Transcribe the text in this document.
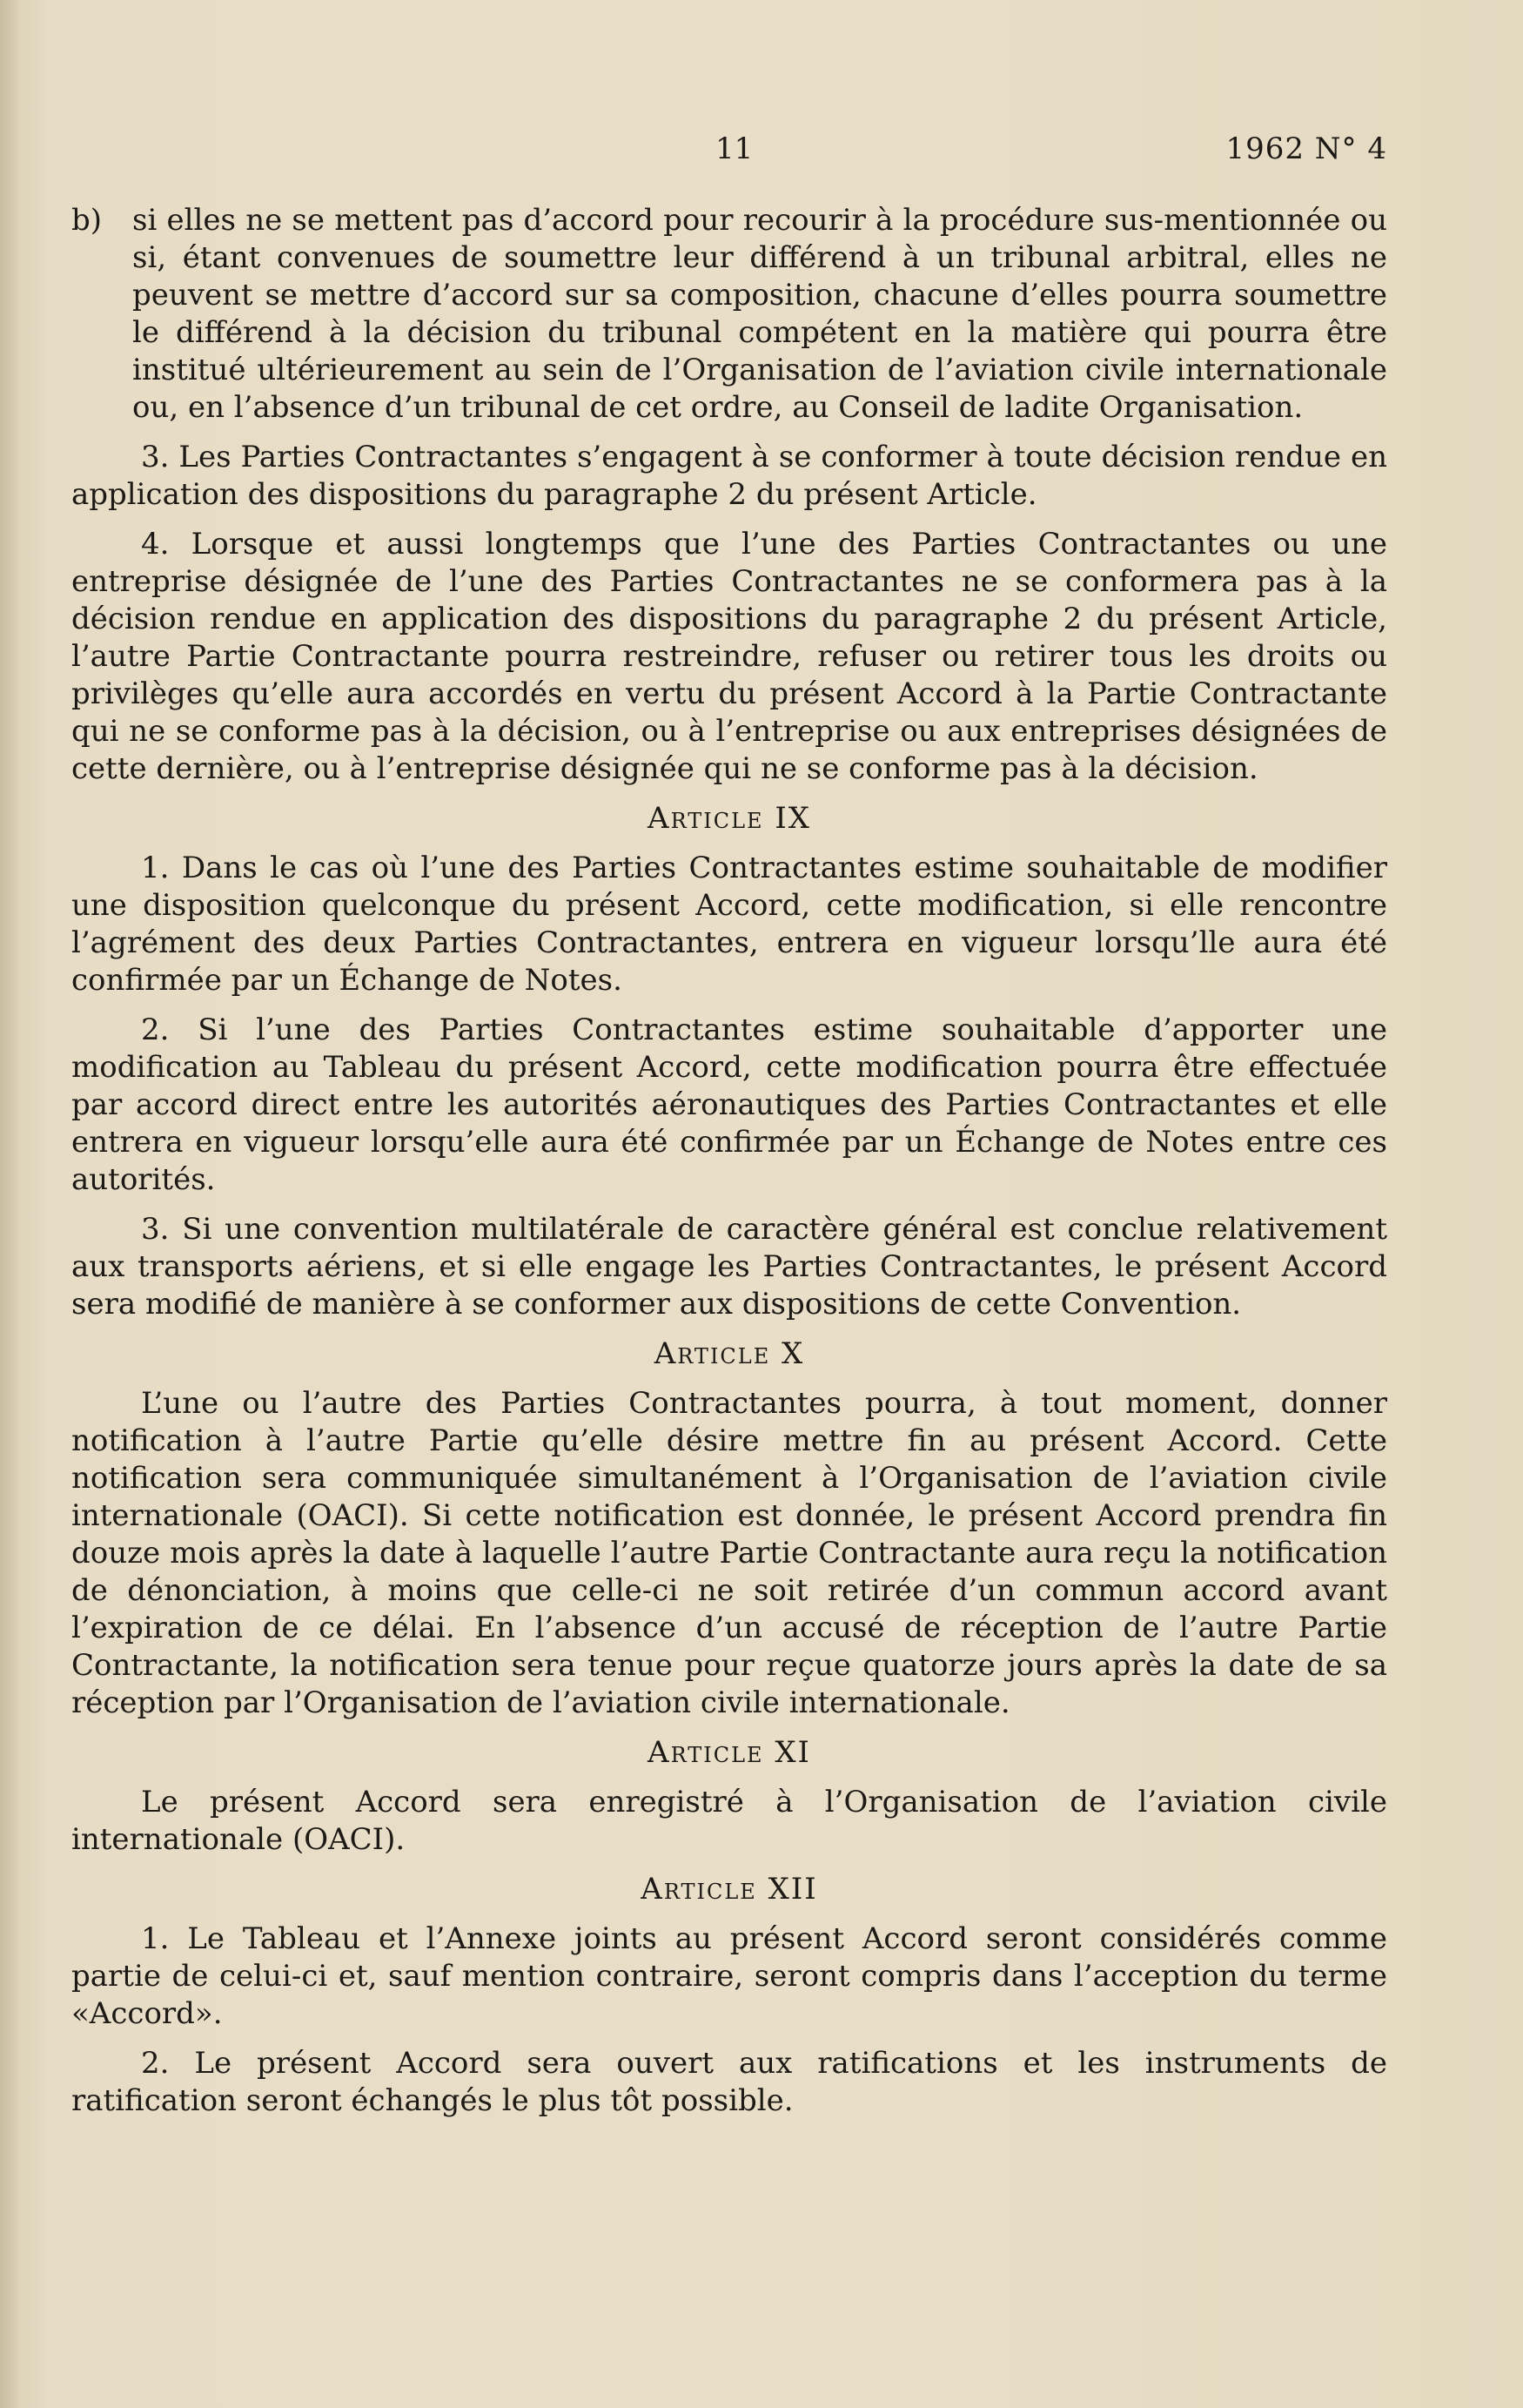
11	1962 N° 4
b)	si elles ne se mettent pas d’accord pour recourir à la procédure sus-mentionnée ou si, étant convenues de soumettre leur différend à un tribunal arbitral, elles ne peuvent se mettre d’accord sur sa composition, chacune d’elles pourra soumettre le différend à la décision du tribunal compétent en la matière qui pourra être institué ultérieurement au sein de l’Organisation de l’aviation civile internationale ou, en l’absence d’un tribunal de cet ordre, au Conseil de ladite Organisation.

3. Les Parties Contractantes s’engagent à se conformer à toute décision rendue en application des dispositions du paragraphe 2 du présent Article.

4. Lorsque et aussi longtemps que l’une des Parties Contractantes ou une entreprise désignée de l’une des Parties Contractantes ne se conformera pas à la décision rendue en application des dispositions du paragraphe 2 du présent Article, l’autre Partie Contractante pourra restreindre, refuser ou retirer tous les droits ou privilèges qu’elle aura accordés en vertu du présent Accord à la Partie Contractante qui ne se conforme pas à la décision, ou à l’entreprise ou aux entreprises désignées de cette dernière, ou à l’entreprise désignée qui ne se conforme pas à la décision.

Article IX

1. Dans le cas où l’une des Parties Contractantes estime souhaitable de modifier une disposition quelconque du présent Accord, cette modification, si elle rencontre l’agrément des deux Parties Contractantes, entrera en vigueur lorsqu’lle aura été confirmée par un Échange de Notes.

2. Si l’une des Parties Contractantes estime souhaitable d’apporter une modification au Tableau du présent Accord, cette modification pourra être effectuée par accord direct entre les autorités aéronautiques des Parties Contractantes et elle entrera en vigueur lorsqu’elle aura été confirmée par un Échange de Notes entre ces autorités.

3. Si une convention multilatérale de caractère général est conclue relativement aux transports aériens, et si elle engage les Parties Contractantes, le présent Accord sera modifié de manière à se conformer aux dispositions de cette Convention.

Article X

L’une ou l’autre des Parties Contractantes pourra, à tout moment, donner notification à l’autre Partie qu’elle désire mettre fin au présent Accord. Cette notification sera communiquée simultanément à l’Organisation de l’aviation civile internationale (OACI). Si cette notification est donnée, le présent Accord prendra fin douze mois après la date à laquelle l’autre Partie Contractante aura reçu la notification de dénonciation, à moins que celle-ci ne soit retirée d’un commun accord avant l’expiration de ce délai. En l’absence d’un accusé de réception de l’autre Partie Contractante, la notification sera tenue pour reçue quatorze jours après la date de sa réception par l’Organisation de l’aviation civile internationale.

Article XI

Le présent Accord sera enregistré à l’Organisation de l’aviation civile internationale (OACI).

Article XII

1. Le Tableau et l’Annexe joints au présent Accord seront considérés comme partie de celui-ci et, sauf mention contraire, seront compris dans l’acception du terme «Accord».

2. Le présent Accord sera ouvert aux ratifications et les instruments de ratification seront échangés le plus tôt possible.
